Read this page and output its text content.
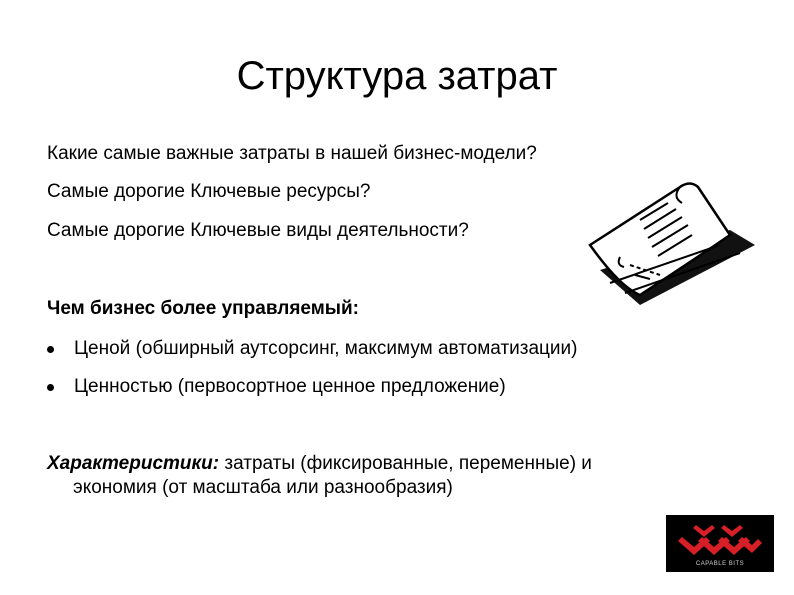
Структура затрат
Какие самые важные затраты в нашей бизнес-модели?
Самые дорогие Ключевые ресурсы?
Самые дорогие Ключевые виды деятельности?
Чем бизнес более управляемый:
Ценой (обширный аутсорсинг, максимум автоматизации)
Ценностью (первосортное ценное предложение)
Характеристики: затраты (фиксированные, переменные) и
экономия (от масштаба или разнообразия)
CAPABLE BITS
